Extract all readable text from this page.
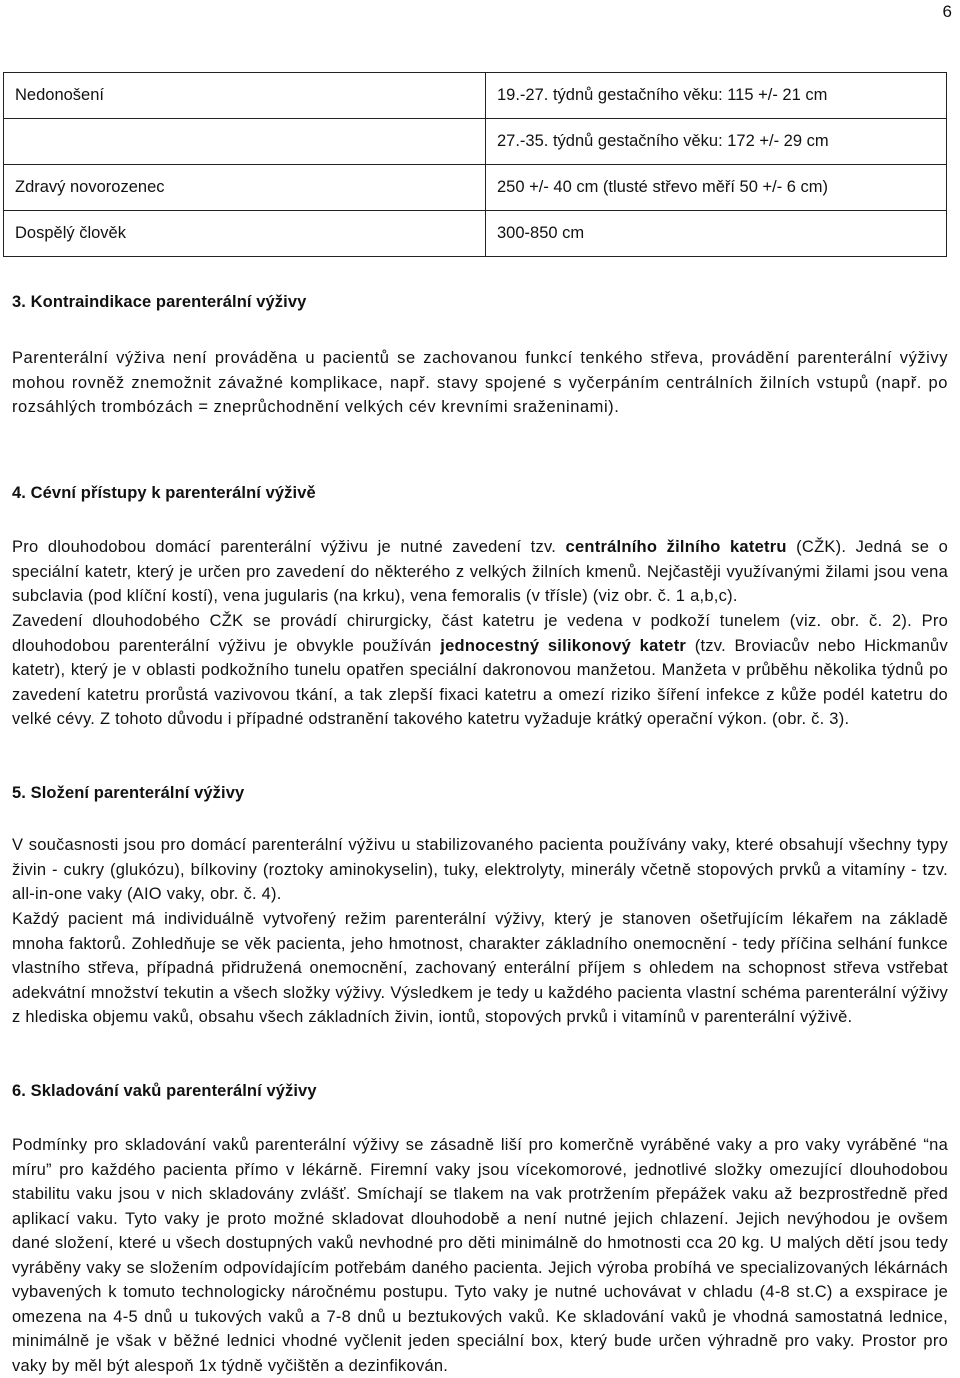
6
Nedonošení	19.-27. týdnů gestačního věku: 115 +/- 21 cm
	27.-35. týdnů gestačního věku: 172 +/- 29 cm
Zdravý novorozenec	250 +/- 40 cm (tlusté střevo měří 50 +/- 6 cm)
Dospělý člověk	300-850 cm
3. Kontraindikace parenterální výživy

Parenterální výživa není prováděna u pacientů se zachovanou funkcí tenkého střeva, provádění parenterální výživy mohou rovněž znemožnit závažné komplikace, např. stavy spojené s vyčerpáním centrálních žilních vstupů (např. po rozsáhlých trombózách = zneprůchodnění velkých cév krevními sraženinami).

4. Cévní přístupy k parenterální výživě

Pro dlouhodobou domácí parenterální výživu je nutné zavedení tzv. centrálního žilního katetru (CŽK). Jedná se o speciální katetr, který je určen pro zavedení do některého z velkých žilních kmenů. Nejčastěji využívanými žilami jsou vena subclavia (pod klíční kostí), vena jugularis (na krku), vena femoralis (v třísle) (viz obr. č. 1 a,b,c).

Zavedení dlouhodobého CŽK se provádí chirurgicky, část katetru je vedena v podkoží tunelem (viz. obr. č. 2). Pro dlouhodobou parenterální výživu je obvykle používán jednocestný silikonový katetr (tzv. Broviacův nebo Hickmanův katetr), který je v oblasti podkožního tunelu opatřen speciální dakronovou manžetou. Manžeta v průběhu několika týdnů po zavedení katetru prorůstá vazivovou tkání, a tak zlepší fixaci katetru a omezí riziko šíření infekce z kůže podél katetru do velké cévy. Z tohoto důvodu i případné odstranění takového katetru vyžaduje krátký operační výkon. (obr. č. 3).

5. Složení parenterální výživy

V současnosti jsou pro domácí parenterální výživu u stabilizovaného pacienta používány vaky, které obsahují všechny typy živin - cukry (glukózu), bílkoviny (roztoky aminokyselin), tuky, elektrolyty, minerály včetně stopových prvků a vitamíny - tzv. all-in-one vaky (AIO vaky, obr. č. 4).

Každý pacient má individuálně vytvořený režim parenterální výživy, který je stanoven ošetřujícím lékařem na základě mnoha faktorů. Zohledňuje se věk pacienta, jeho hmotnost, charakter základního onemocnění - tedy příčina selhání funkce vlastního střeva, případná přidružená onemocnění, zachovaný enterální příjem s ohledem na schopnost střeva vstřebat adekvátní množství tekutin a všech složky výživy. Výsledkem je tedy u každého pacienta vlastní schéma parenterální výživy z hlediska objemu vaků, obsahu všech základních živin, iontů, stopových prvků i vitamínů v parenterální výživě.

6. Skladování vaků parenterální výživy

Podmínky pro skladování vaků parenterální výživy se zásadně liší pro komerčně vyráběné vaky a pro vaky vyráběné “na míru” pro každého pacienta přímo v lékárně. Firemní vaky jsou vícekomorové, jednotlivé složky omezující dlouhodobou stabilitu vaku jsou v nich skladovány zvlášť. Smíchají se tlakem na vak protržením přepážek vaku až bezprostředně před aplikací vaku. Tyto vaky je proto možné skladovat dlouhodobě a není nutné jejich chlazení. Jejich nevýhodou je ovšem dané složení, které u všech dostupných vaků nevhodné pro děti minimálně do hmotnosti cca 20 kg. U malých dětí jsou tedy vyráběny vaky se složením odpovídajícím potřebám daného pacienta. Jejich výroba probíhá ve specializovaných lékárnách vybavených k tomuto technologicky náročnému postupu. Tyto vaky je nutné uchovávat v chladu (4-8 st.C) a exspirace je omezena na 4-5 dnů u tukových vaků a 7-8 dnů u beztukových vaků. Ke skladování vaků je vhodná samostatná lednice, minimálně je však v běžné lednici vhodné vyčlenit jeden speciální box, který bude určen výhradně pro vaky. Prostor pro vaky by měl být alespoň 1x týdně vyčištěn a dezinfikován.
